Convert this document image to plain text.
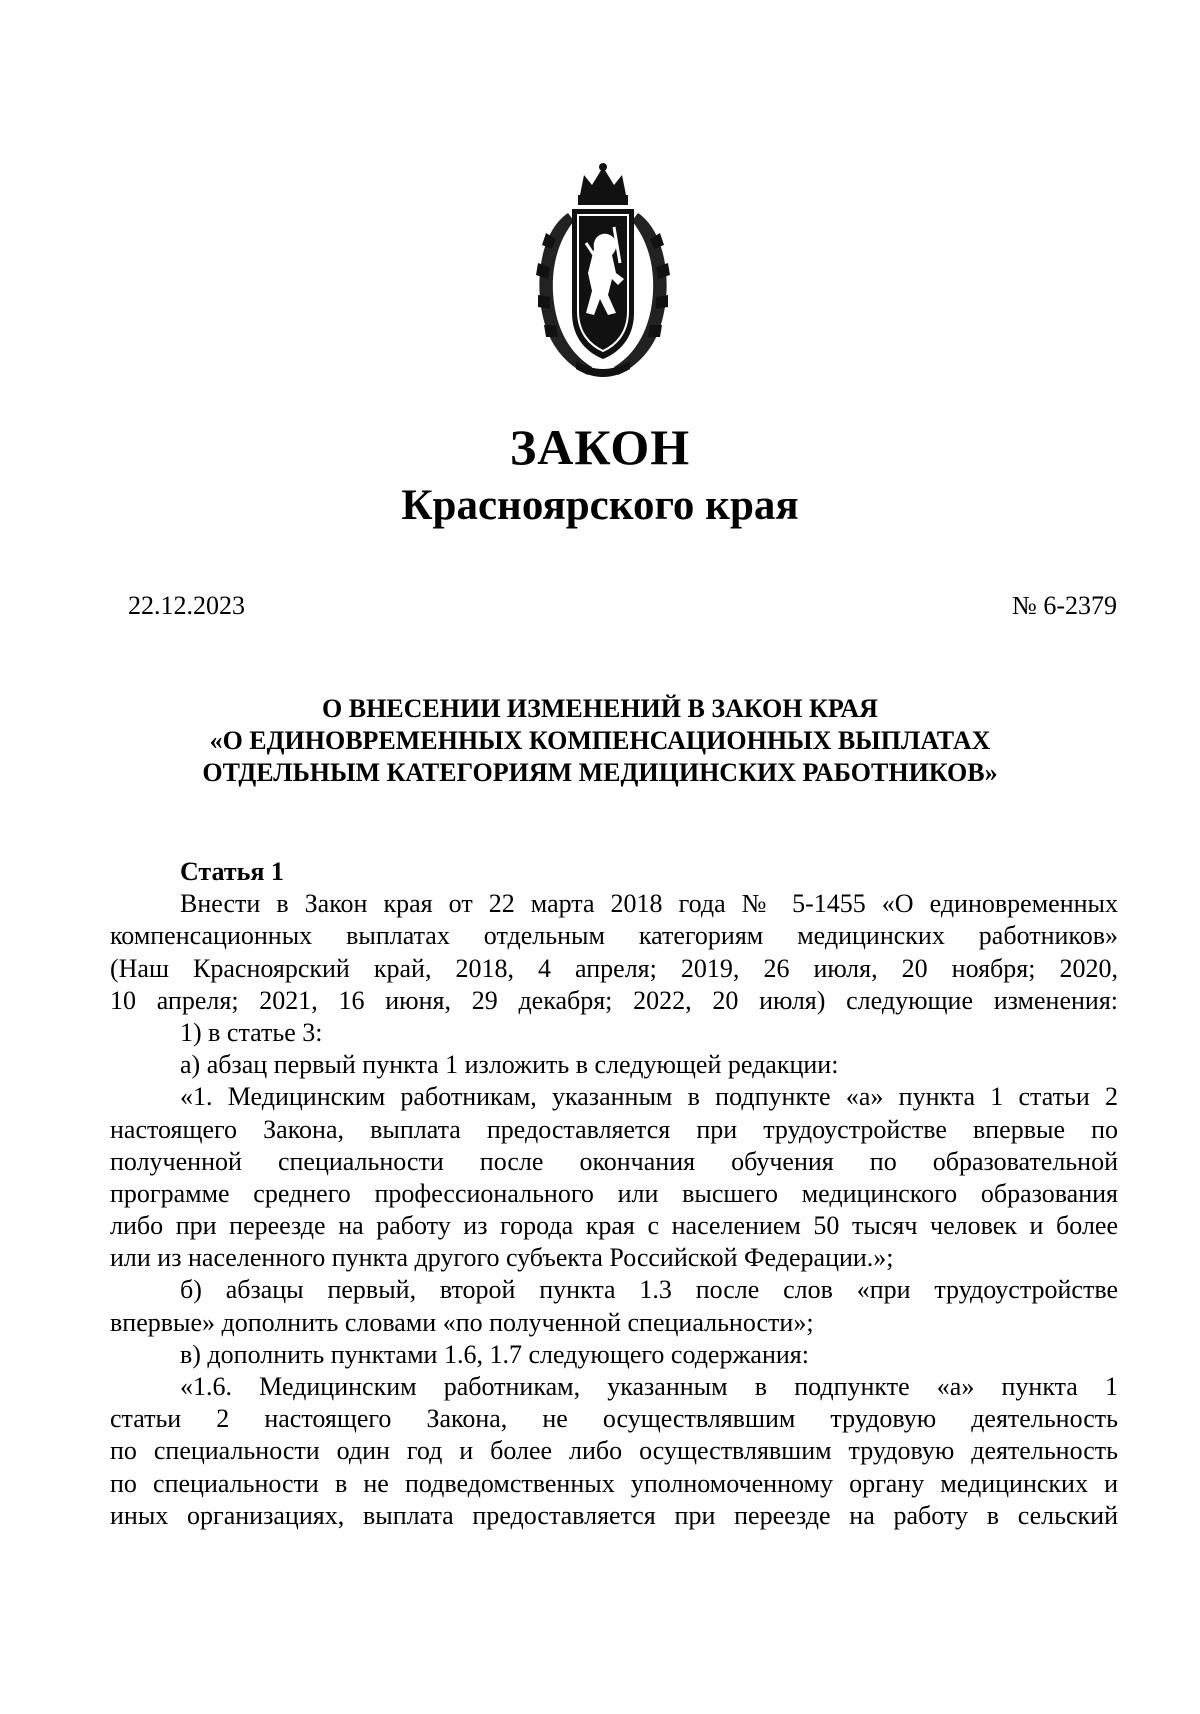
ЗАКОН
Красноярского края
22.12.2023	№ 6-2379
О ВНЕСЕНИИ ИЗМЕНЕНИЙ В ЗАКОН КРАЯ
«О ЕДИНОВРЕМЕННЫХ КОМПЕНСАЦИОННЫХ ВЫПЛАТАХ
ОТДЕЛЬНЫМ КАТЕГОРИЯМ МЕДИЦИНСКИХ РАБОТНИКОВ»
Статья 1
Внести в Закон края от 22 марта 2018 года № 5-1455 «О единовременных
компенсационных выплатах отдельным категориям медицинских работников»
(Наш Красноярский край, 2018, 4 апреля; 2019, 26 июля, 20 ноября; 2020,
10 апреля; 2021, 16 июня, 29 декабря; 2022, 20 июля) следующие изменения:
1) в статье 3:
а) абзац первый пункта 1 изложить в следующей редакции:
«1. Медицинским работникам, указанным в подпункте «а» пункта 1 статьи 2
настоящего Закона, выплата предоставляется при трудоустройстве впервые по
полученной специальности после окончания обучения по образовательной
программе среднего профессионального или высшего медицинского образования
либо при переезде на работу из города края с населением 50 тысяч человек и более
или из населенного пункта другого субъекта Российской Федерации.»;
б) абзацы первый, второй пункта 1.3 после слов «при трудоустройстве
впервые» дополнить словами «по полученной специальности»;
в) дополнить пунктами 1.6, 1.7 следующего содержания:
«1.6. Медицинским работникам, указанным в подпункте «а» пункта 1
статьи 2 настоящего Закона, не осуществлявшим трудовую деятельность
по специальности один год и более либо осуществлявшим трудовую деятельность
по специальности в не подведомственных уполномоченному органу медицинских и
иных организациях, выплата предоставляется при переезде на работу в сельский
